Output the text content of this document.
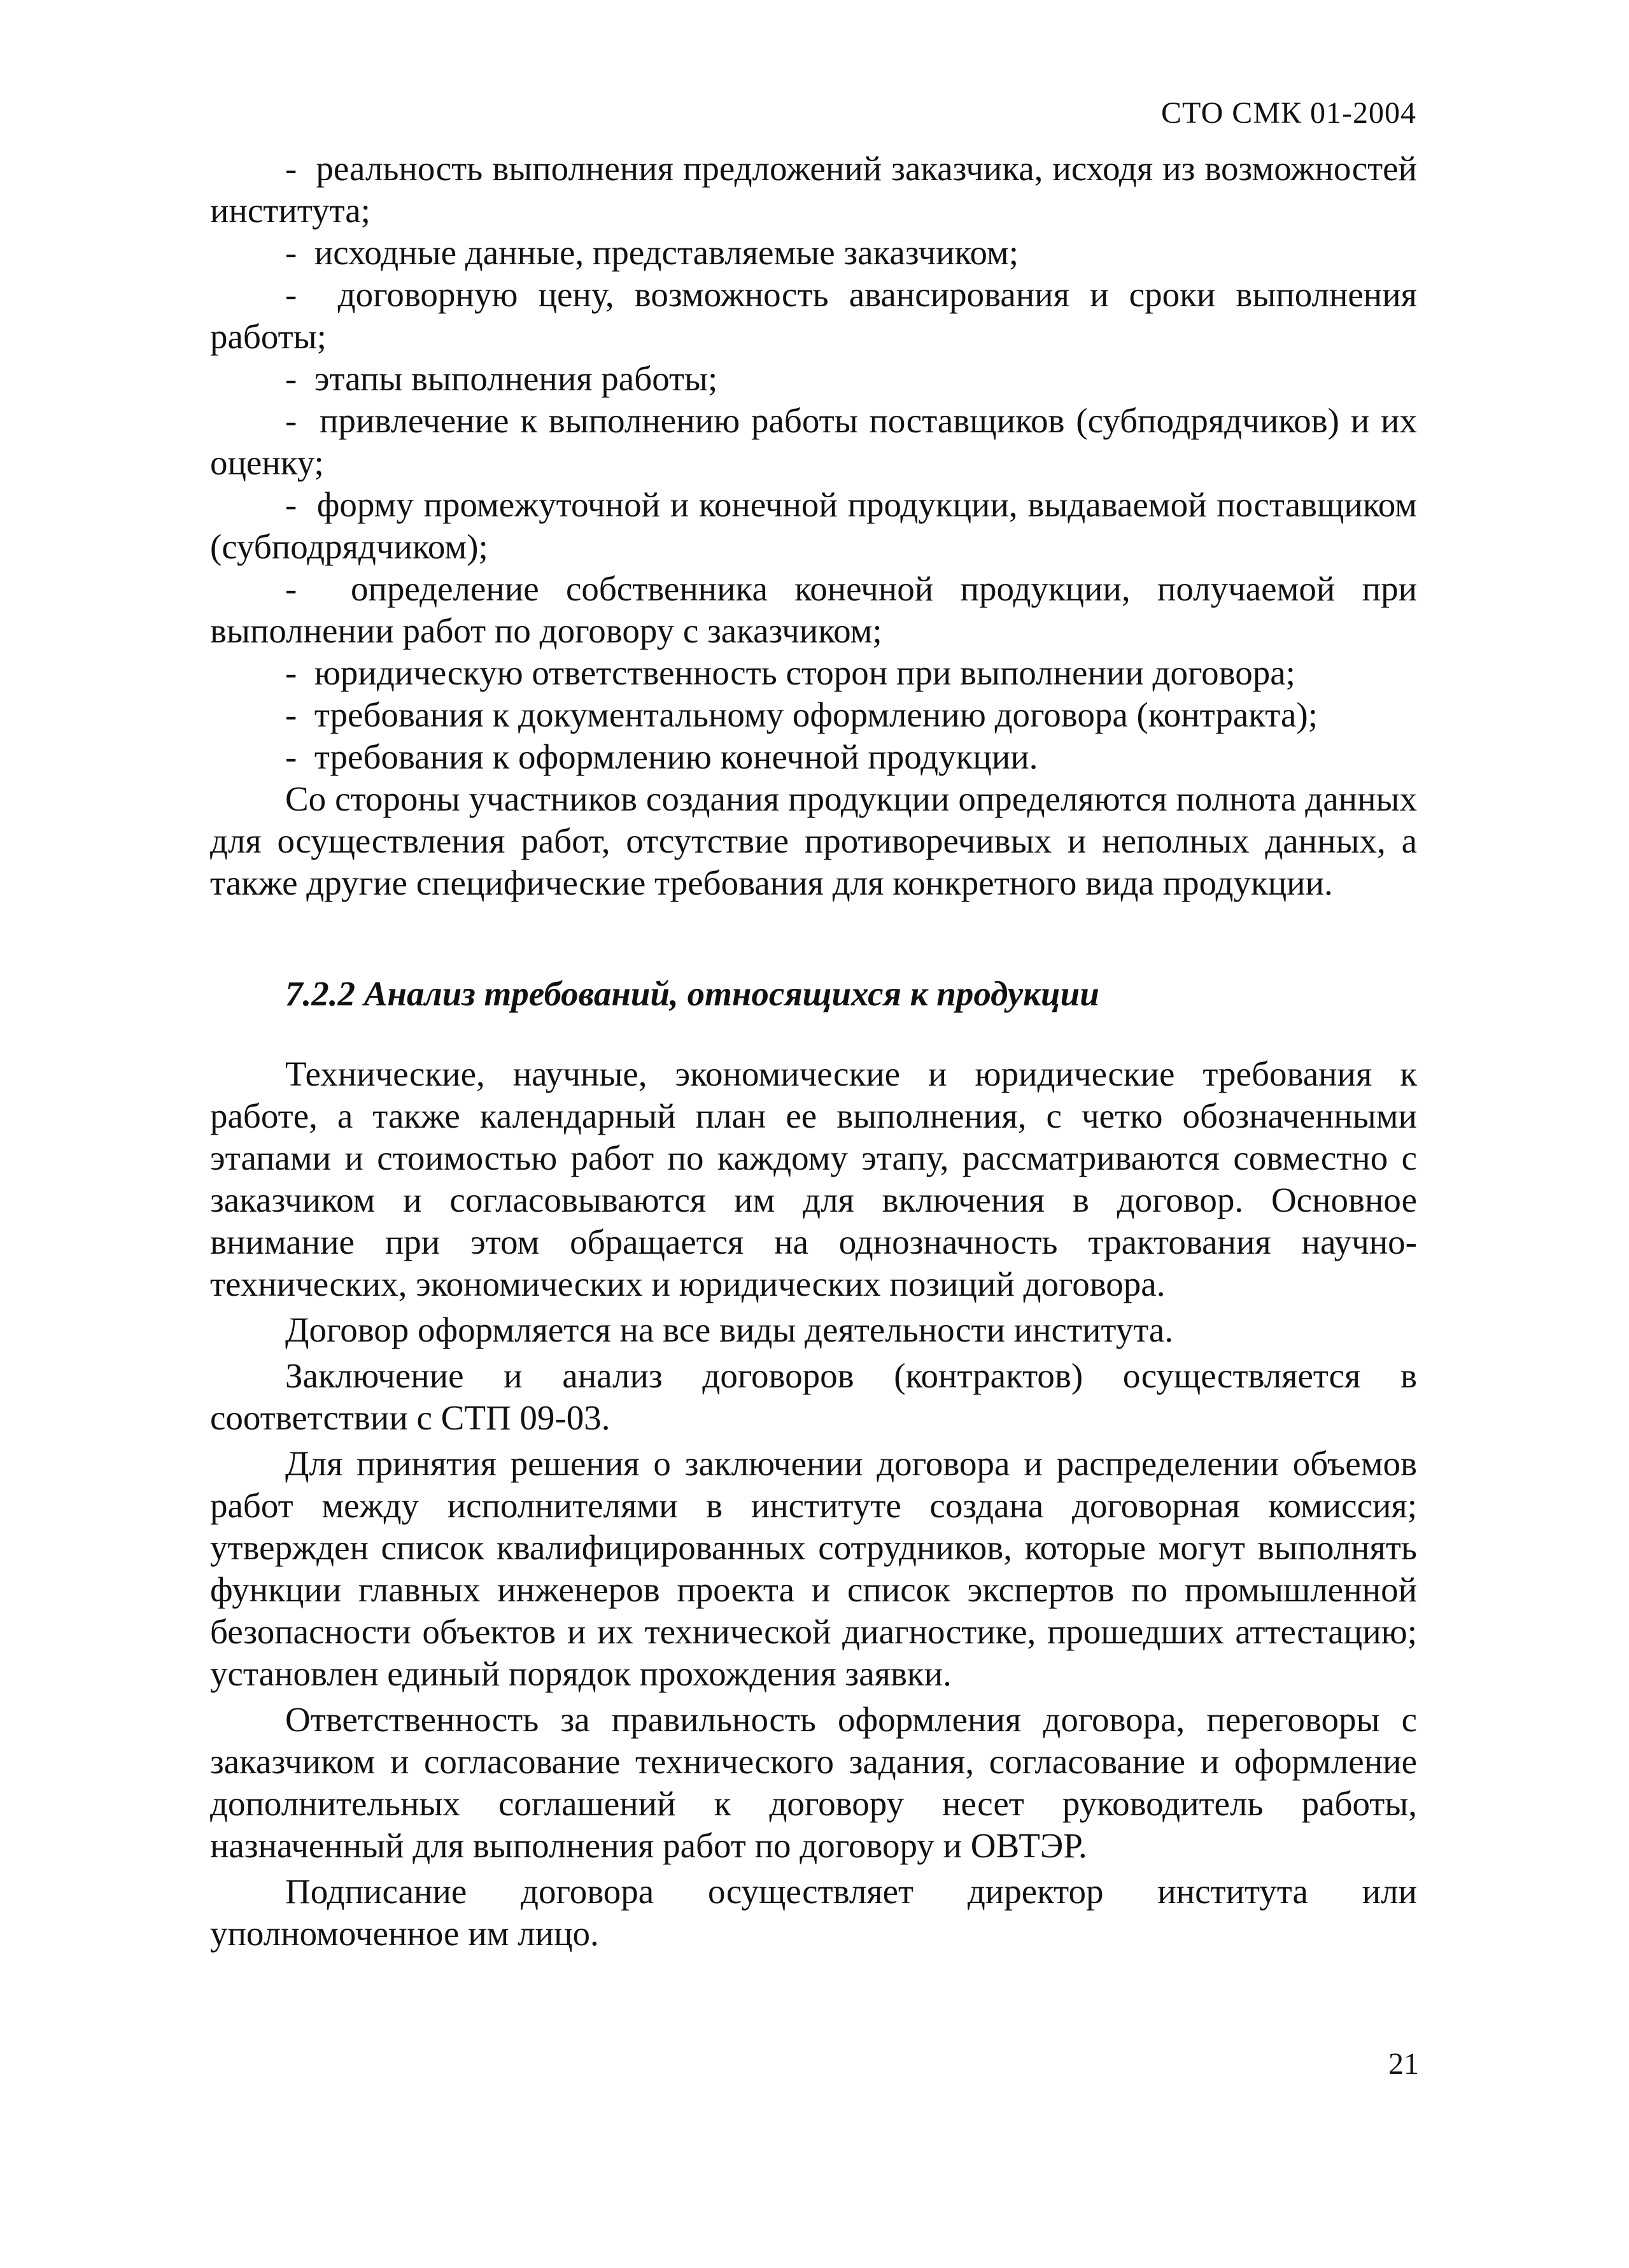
СТО СМК 01-2004

-  реальность выполнения предложений заказчика, исходя из возможностей института;

-  исходные данные, представляемые заказчиком;

-  договорную цену, возможность авансирования и сроки выполнения работы;

-  этапы выполнения работы;

-  привлечение к выполнению работы поставщиков (субподрядчиков) и их оценку;

-  форму промежуточной и конечной продукции, выдаваемой поставщиком (субподрядчиком);

-  определение собственника конечной продукции, получаемой при выполнении работ по договору с заказчиком;

-  юридическую ответственность сторон при выполнении договора;

-  требования к документальному оформлению договора (контракта);

-  требования к оформлению конечной продукции.

Со стороны участников создания продукции определяются полнота данных для осуществления работ, отсутствие противоречивых и неполных данных, а также другие специфические требования для конкретного вида продукции.

7.2.2 Анализ требований, относящихся к продукции

Технические, научные, экономические и юридические требования к работе, а также календарный план ее выполнения, с четко обозначенными этапами и стоимостью работ по каждому этапу, рассматриваются совместно с заказчиком и согласовываются им для включения в договор. Основное внимание при этом обращается на однозначность трактования научно-технических, экономических и юридических позиций договора.

Договор оформляется на все виды деятельности института.

Заключение и анализ договоров (контрактов) осуществляется в соответствии с СТП 09-03.

Для принятия решения о заключении договора и распределении объемов работ между исполнителями в институте создана договорная комиссия; утвержден список квалифицированных сотрудников, которые могут выполнять функции главных инженеров проекта и список экспертов по промышленной безопасности объектов и их технической диагностике, прошедших аттестацию; установлен единый порядок прохождения заявки.

Ответственность за правильность оформления договора, переговоры с заказчиком и согласование технического задания, согласование и оформление дополнительных соглашений к договору несет руководитель работы, назначенный для выполнения работ по договору и ОВТЭР.

Подписание договора осуществляет директор института или уполномоченное им лицо.

21
